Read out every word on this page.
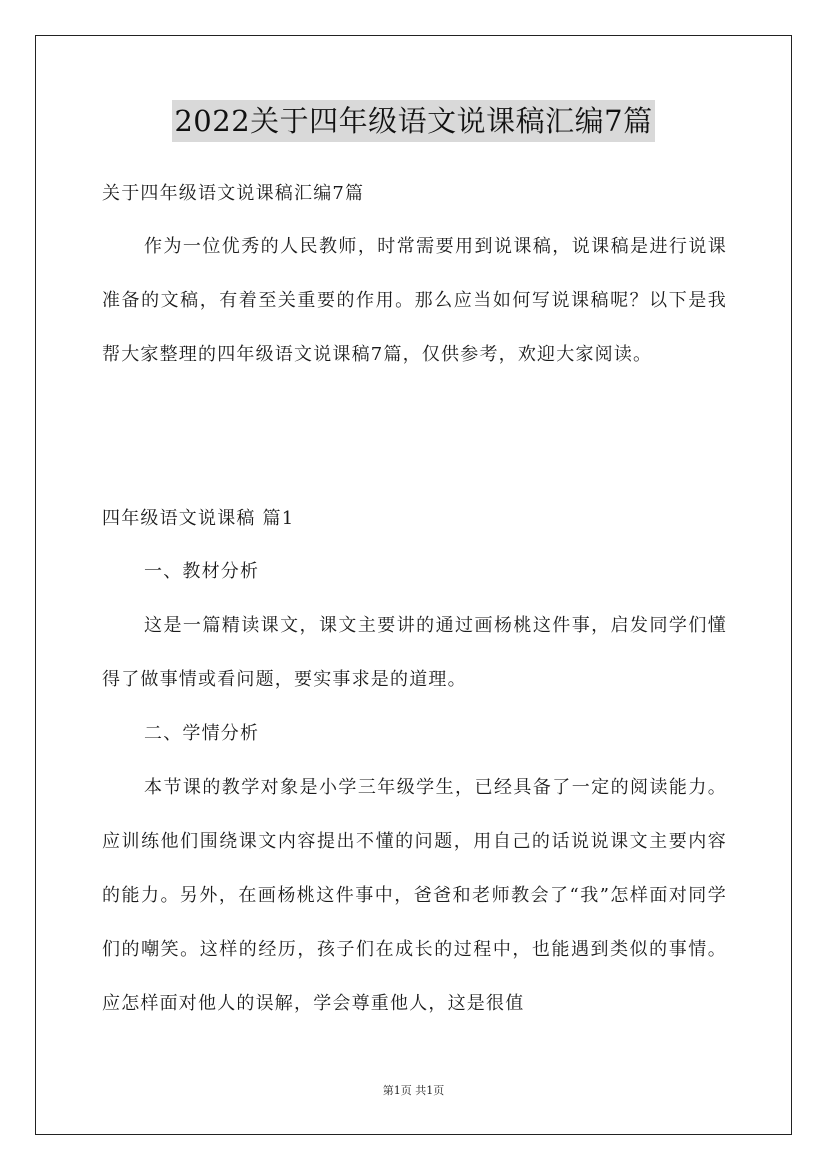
2022关于四年级语文说课稿汇编7篇

关于四年级语文说课稿汇编7篇

作为一位优秀的人民教师，时常需要用到说课稿，说课稿是进行说课准备的文稿，有着至关重要的作用。那么应当如何写说课稿呢？以下是我帮大家整理的四年级语文说课稿7篇，仅供参考，欢迎大家阅读。

四年级语文说课稿 篇1

一、教材分析

这是一篇精读课文，课文主要讲的通过画杨桃这件事，启发同学们懂得了做事情或看问题，要实事求是的道理。

二、学情分析

本节课的教学对象是小学三年级学生，已经具备了一定的阅读能力。应训练他们围绕课文内容提出不懂的问题，用自己的话说说课文主要内容的能力。另外，在画杨桃这件事中，爸爸和老师教会了“我”怎样面对同学们的嘲笑。这样的经历，孩子们在成长的过程中，也能遇到类似的事情。应怎样面对他人的误解，学会尊重他人，这是很值

第1页 共1页
